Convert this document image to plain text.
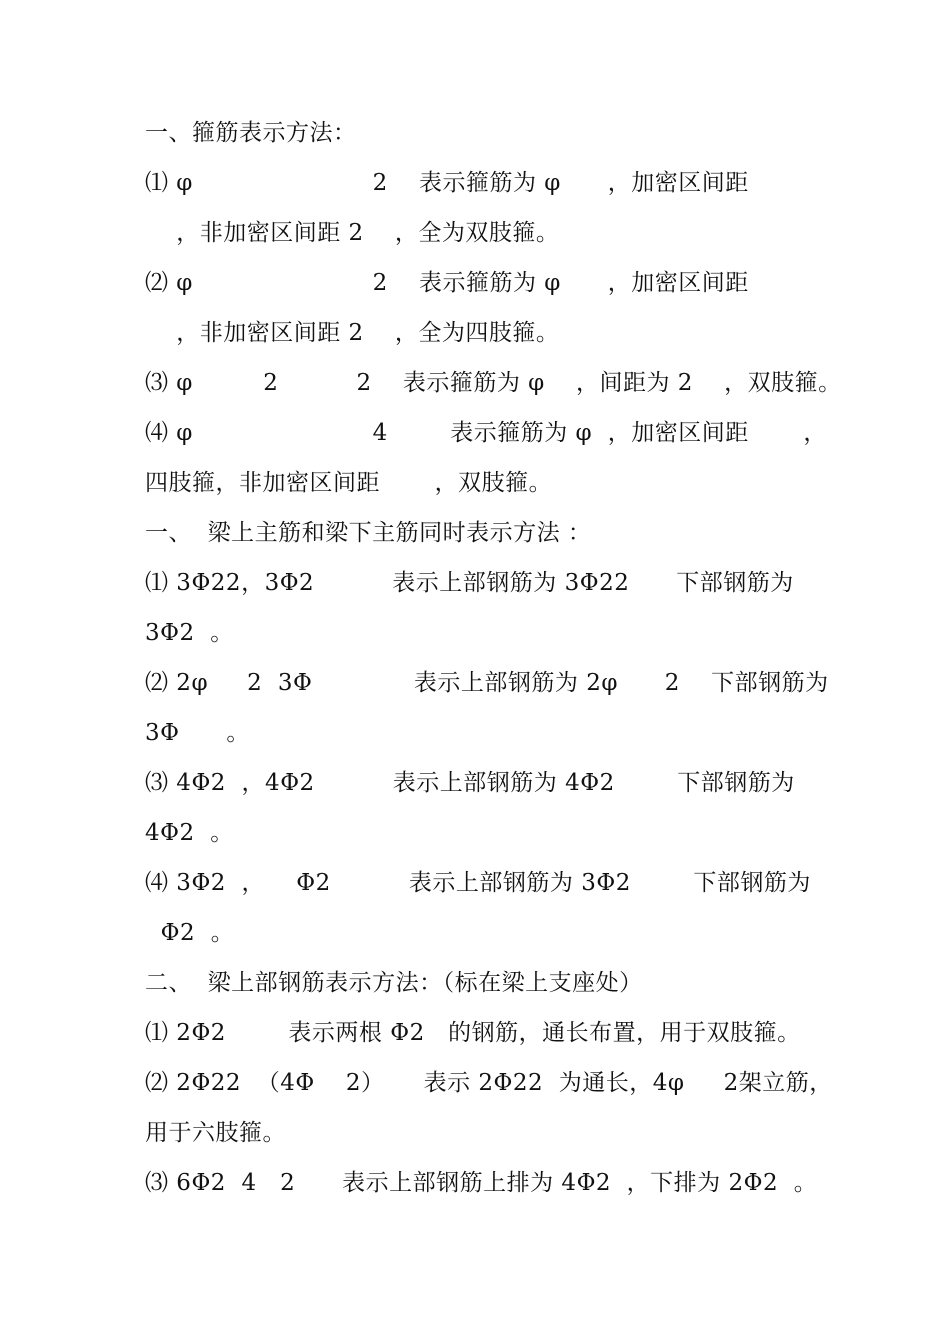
一、箍筋表示方法：
⑴ φ                       2    表示箍筋为 φ      ，加密区间距
，非加密区间距 2    ，全为双肢箍。
⑵ φ                       2    表示箍筋为 φ      ，加密区间距
，非加密区间距 2    ，全为四肢箍。
⑶ φ         2          2    表示箍筋为 φ    ，间距为 2    ，双肢箍。
⑷ φ                       4        表示箍筋为 φ  ，加密区间距       ，
四肢箍，非加密区间距       ，双肢箍。
一、  梁上主筋和梁下主筋同时表示方法 ：
⑴ 3Φ22，3Φ2          表示上部钢筋为 3Φ22      下部钢筋为
3Φ2  。
⑵ 2φ     2  3Φ             表示上部钢筋为 2φ      2    下部钢筋为
3Φ      。
⑶ 4Φ2  ，4Φ2          表示上部钢筋为 4Φ2        下部钢筋为
4Φ2  。
⑷ 3Φ2  ，    Φ2          表示上部钢筋为 3Φ2        下部钢筋为
Φ2  。
二、  梁上部钢筋表示方法：（标在梁上支座处）
⑴ 2Φ2        表示两根 Φ2   的钢筋，通长布置，用于双肢箍。
⑵ 2Φ22  （4Φ    2）     表示 2Φ22  为通长，4φ     2架立筋，
用于六肢箍。
⑶ 6Φ2  4   2      表示上部钢筋上排为 4Φ2  ，下排为 2Φ2  。
